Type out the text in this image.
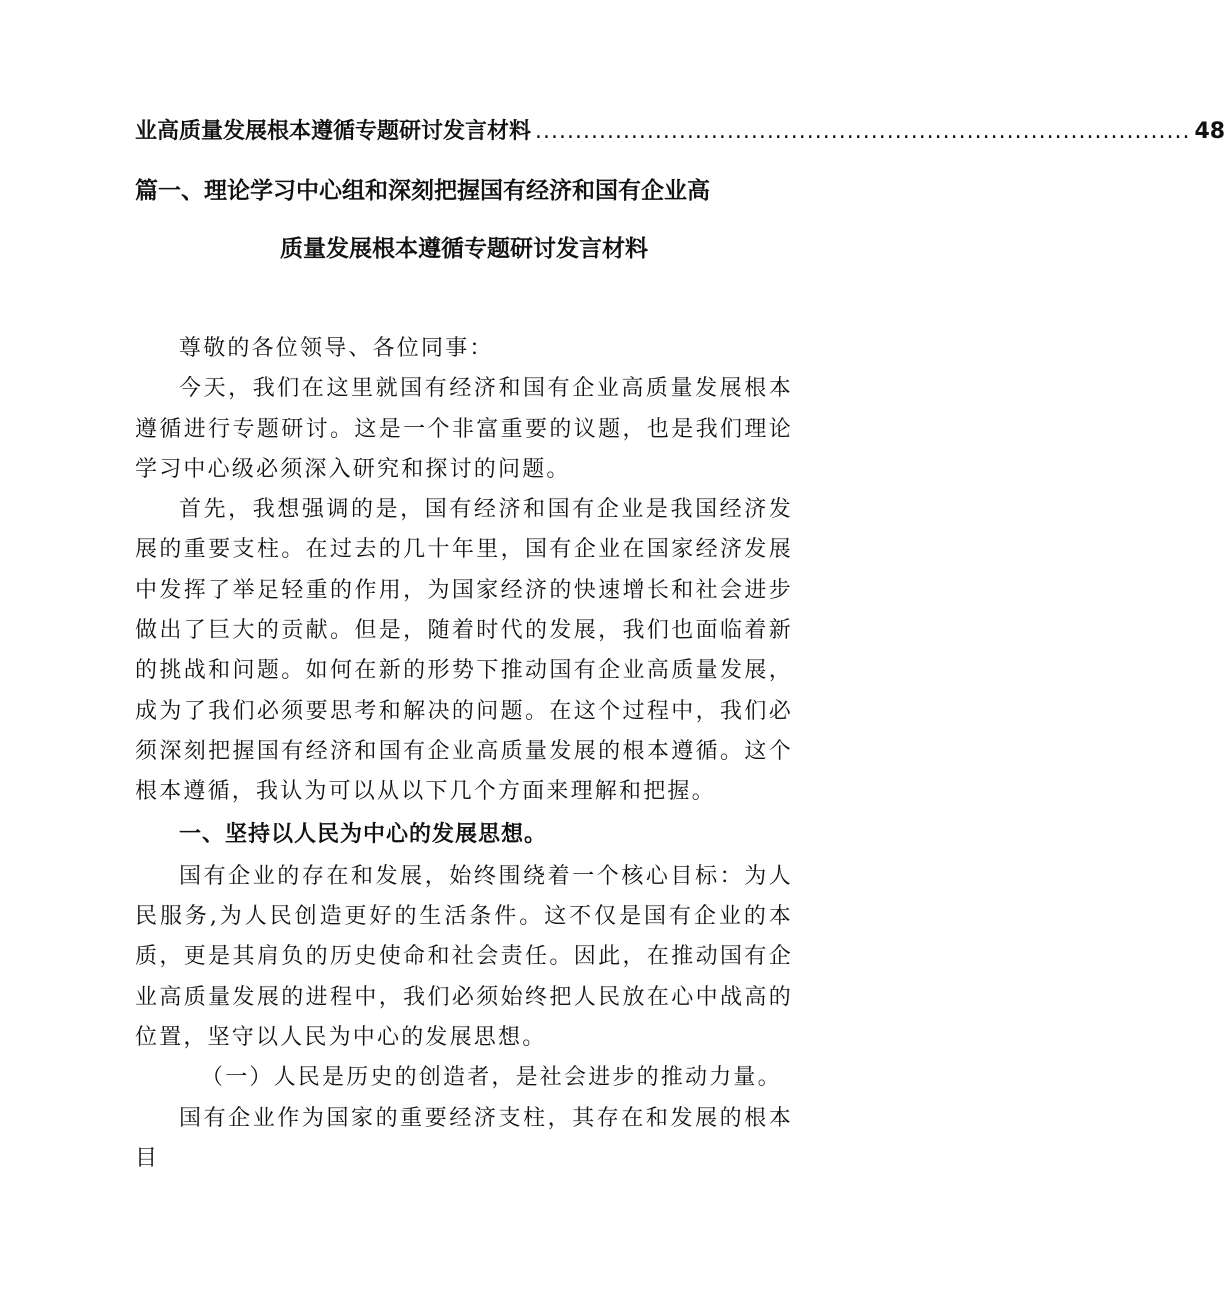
业高质量发展根本遵循专题研讨发言材料 .................................................................................. 48
篇一、理论学习中心组和深刻把握国有经济和国有企业高
质量发展根本遵循专题研讨发言材料

尊敬的各位领导、各位同事：

今天，我们在这里就国有经济和国有企业高质量发展根本遵循进行专题研讨。这是一个非富重要的议题，也是我们理论学习中心级必须深入研究和探讨的问题。

首先，我想强调的是，国有经济和国有企业是我国经济发展的重要支柱。在过去的几十年里，国有企业在国家经济发展中发挥了举足轻重的作用，为国家经济的快速增长和社会进步做出了巨大的贡献。但是，随着时代的发展，我们也面临着新的挑战和问题。如何在新的形势下推动国有企业高质量发展，成为了我们必须要思考和解决的问题。在这个过程中，我们必须深刻把握国有经济和国有企业高质量发展的根本遵循。这个根本遵循，我认为可以从以下几个方面来理解和把握。

一、坚持以人民为中心的发展思想。

国有企业的存在和发展，始终围绕着一个核心目标：为人民服务,为人民创造更好的生活条件。这不仅是国有企业的本质，更是其肩负的历史使命和社会责任。因此，在推动国有企业高质量发展的进程中，我们必须始终把人民放在心中战高的位置，坚守以人民为中心的发展思想。

（一）人民是历史的创造者，是社会进步的推动力量。

国有企业作为国家的重要经济支柱，其存在和发展的根本目
